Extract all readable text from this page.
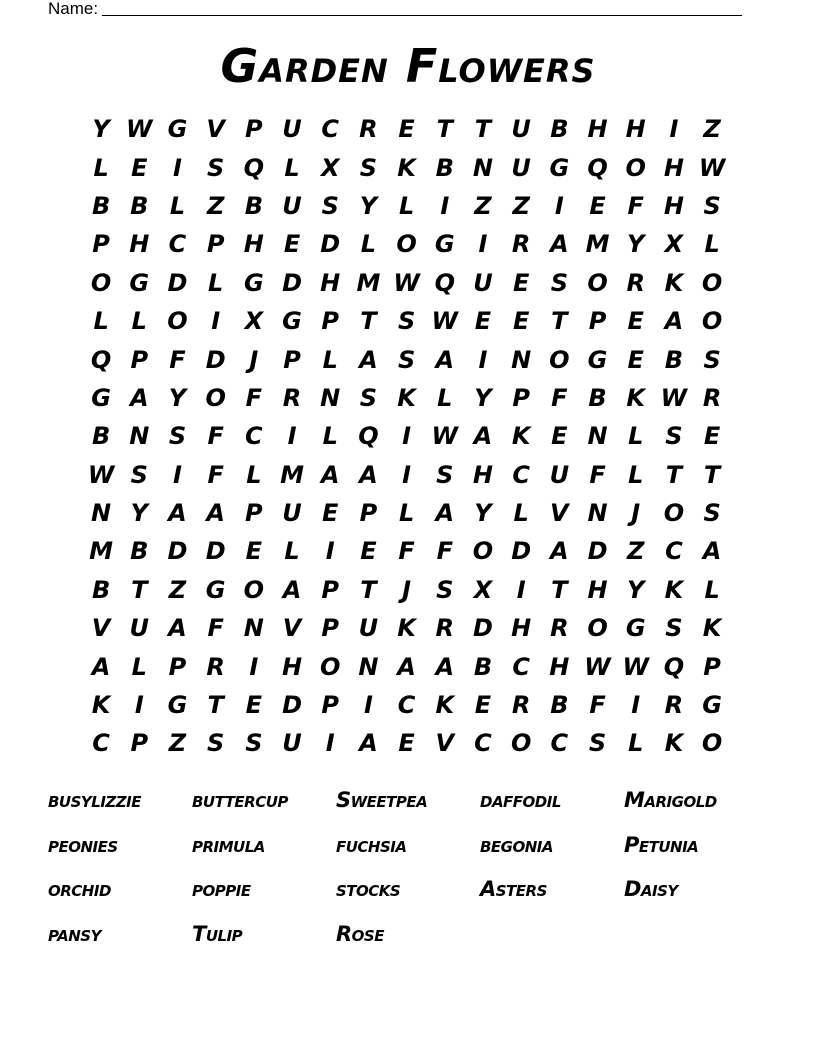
Name:
Garden Flowers
Y W G V P U C R E T T U B H H I	Z
L E	I	S Q L X S K B N U G Q O H W
B B L Z B U S Y L	I	Z Z	I	E F H S
P H C P H E D L O G I	R A M Y X L
O G D L G D H M W Q U E S O R K O
L L O I	X G P T S W E E T P E A O
Q P F D J	P L A S A	I N O G E B S
G A Y O F R N S K L Y P F B K W R
B N S F C	I	L Q I W A K E N L S E
W S	I	F L M A A	I	S H C U F L T T
N Y A A P U E P L A Y L V N J O S
M B D D E L	I	E F F O D A D Z C A
B T Z G O A P T	J	S X	I	T H Y K L
V U A F N V P U K R D H R O G S K
A L P R	I H O N A A B C H W W Q P
K	I G T E D P	I	C K E R B F	I	R G
C P Z S S U I	A E V C O C S L K O
busylizzie	buttercup	Sweetpea	daffodil	Marigold
peonies	primula	fuchsia	begonia	Petunia
orchid	poppie	stocks	Asters	Daisy
pansy	Tulip	Rose
